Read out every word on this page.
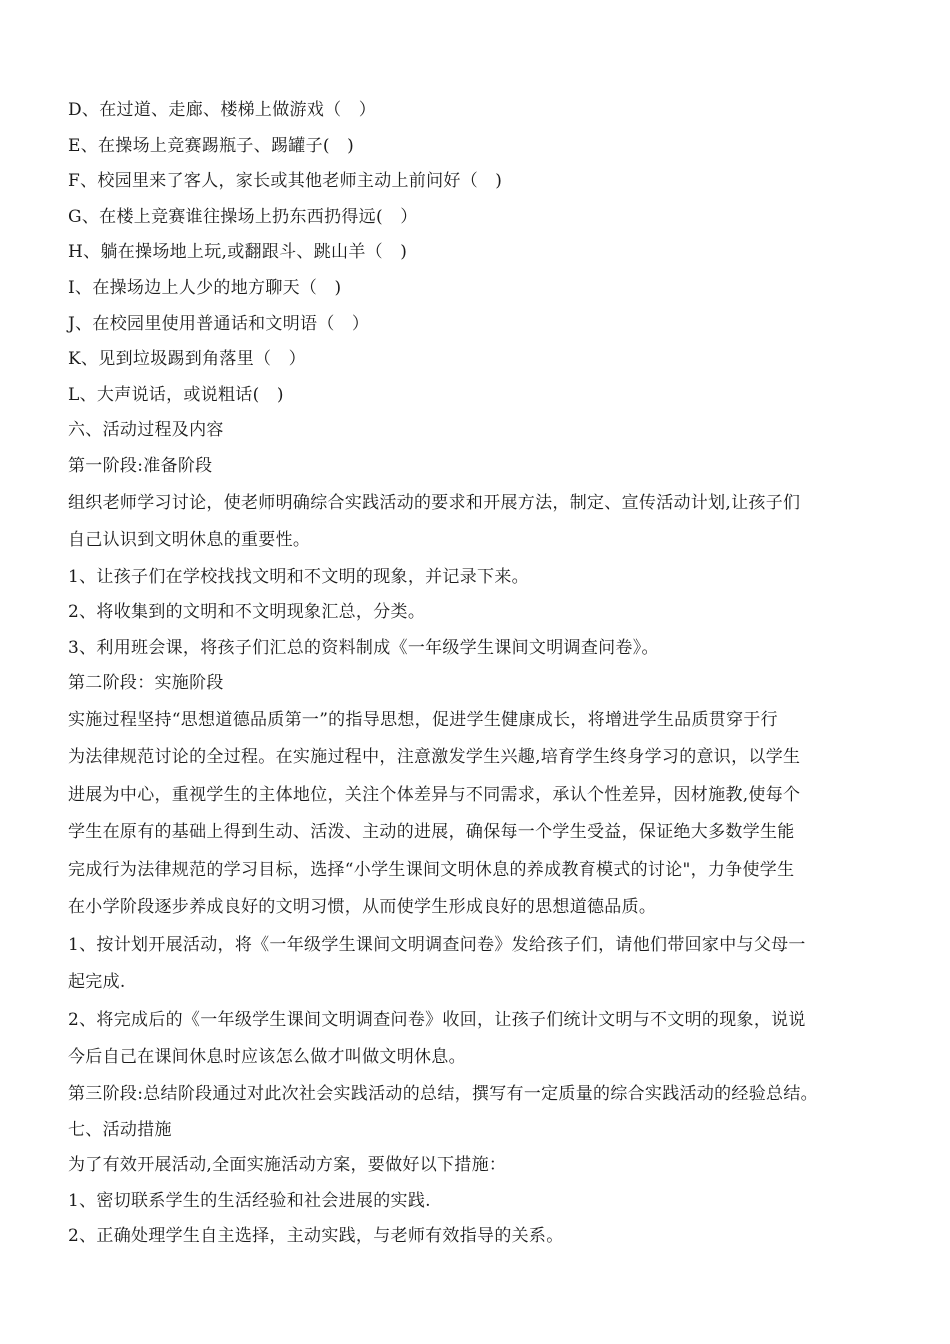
D、在过道、走廊、楼梯上做游戏（　）
E、在操场上竞赛踢瓶子、踢罐子(　)
F、校园里来了客人，家长或其他老师主动上前问好（　)
G、在楼上竞赛谁往操场上扔东西扔得远(　）
H、躺在操场地上玩,或翻跟斗、跳山羊（　)
I、在操场边上人少的地方聊天（　)
J、在校园里使用普通话和文明语（　）
K、见到垃圾踢到角落里（　）
L、大声说话，或说粗话(　)
六、活动过程及内容
第一阶段:准备阶段
组织老师学习讨论，使老师明确综合实践活动的要求和开展方法，制定、宣传活动计划,让孩子们
自己认识到文明休息的重要性。
1、让孩子们在学校找找文明和不文明的现象，并记录下来。
2、将收集到的文明和不文明现象汇总，分类。
3、利用班会课，将孩子们汇总的资料制成《一年级学生课间文明调查问卷》。
第二阶段：实施阶段
实施过程坚持“思想道德品质第一”的指导思想，促进学生健康成长，将增进学生品质贯穿于行
为法律规范讨论的全过程。在实施过程中，注意激发学生兴趣,培育学生终身学习的意识，以学生
进展为中心，重视学生的主体地位，关注个体差异与不同需求，承认个性差异，因材施教,使每个
学生在原有的基础上得到生动、活泼、主动的进展，确保每一个学生受益，保证绝大多数学生能
完成行为法律规范的学习目标，选择“小学生课间文明休息的养成教育模式的讨论"，力争使学生
在小学阶段逐步养成良好的文明习惯，从而使学生形成良好的思想道德品质。
1、按计划开展活动，将《一年级学生课间文明调查问卷》发给孩子们，请他们带回家中与父母一
起完成.
2、将完成后的《一年级学生课间文明调查问卷》收回，让孩子们统计文明与不文明的现象，说说
今后自己在课间休息时应该怎么做才叫做文明休息。
第三阶段:总结阶段通过对此次社会实践活动的总结，撰写有一定质量的综合实践活动的经验总结。
七、活动措施
为了有效开展活动,全面实施活动方案，要做好以下措施：
1、密切联系学生的生活经验和社会进展的实践.
2、正确处理学生自主选择，主动实践，与老师有效指导的关系。
